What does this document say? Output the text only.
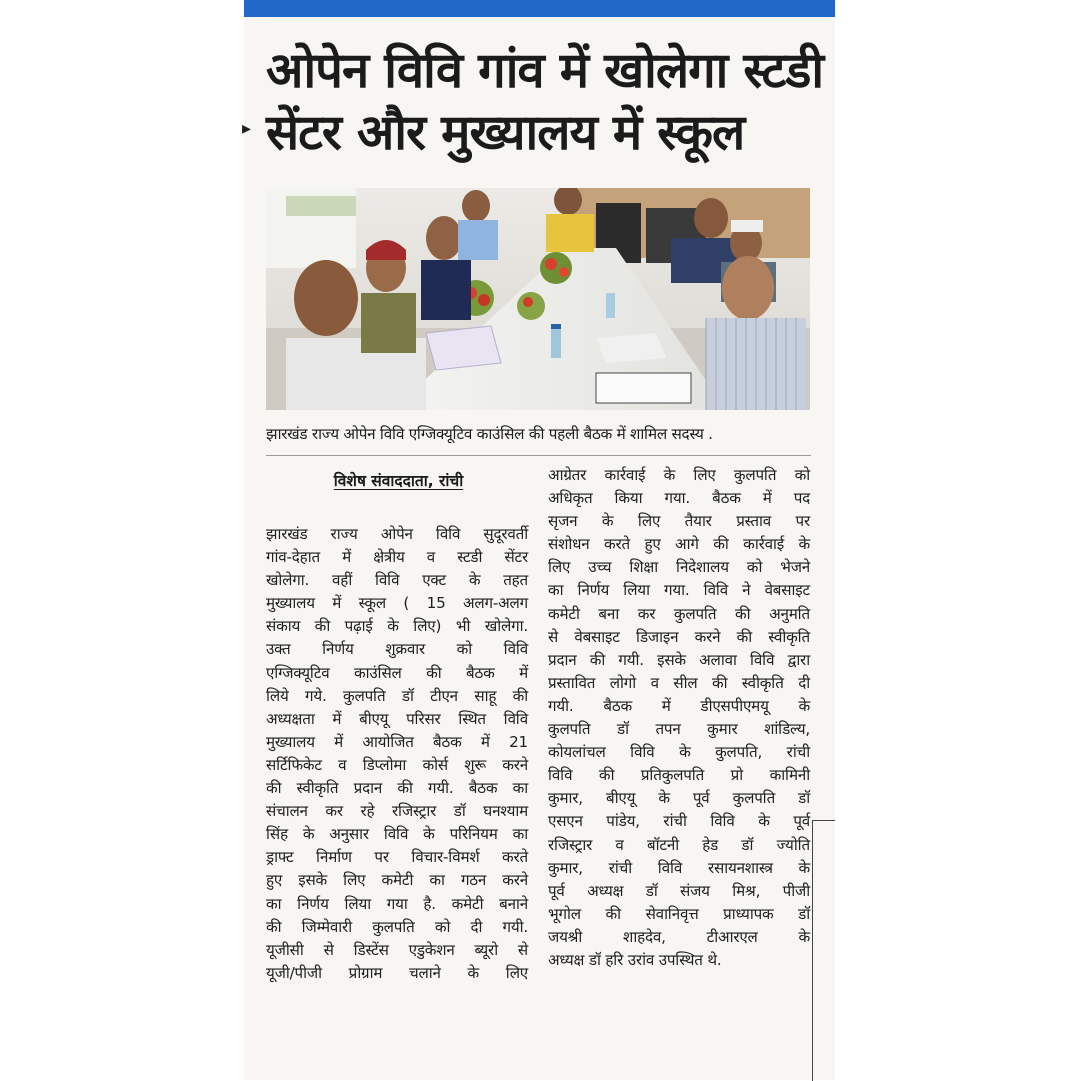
▸
ओपेन विवि गांव में खोलेगा स्टडी
सेंटर और मुख्यालय में स्कूल
झारखंड राज्य ओपेन विवि एग्जिक्यूटिव काउंसिल की पहली बैठक में शामिल सदस्य .
विशेष संवाददाता, रांची
झारखंड राज्य ओपेन विवि सुदूरवर्ती
गांव-देहात में क्षेत्रीय व स्टडी सेंटर
खोलेगा. वहीं विवि एक्ट के तहत
मुख्यालय में स्कूल ( 15 अलग-अलग
संकाय की पढ़ाई के लिए) भी खोलेगा.
उक्त निर्णय शुक्रवार को विवि
एग्जिक्यूटिव काउंसिल की बैठक में
लिये गये. कुलपति डॉ टीएन साहू की
अध्यक्षता में बीएयू परिसर स्थित विवि
मुख्यालय में आयोजित बैठक में 21
सर्टिफिकेट व डिप्लोमा कोर्स शुरू करने
की स्वीकृति प्रदान की गयी. बैठक का
संचालन कर रहे रजिस्ट्रार डॉ घनश्याम
सिंह के अनुसार विवि के परिनियम का
ड्राफ्ट निर्माण पर विचार-विमर्श करते
हुए इसके लिए कमेटी का गठन करने
का निर्णय लिया गया है. कमेटी बनाने
की जिम्मेवारी कुलपति को दी गयी.
यूजीसी से डिस्टेंस एडुकेशन ब्यूरो से
यूजी/पीजी प्रोग्राम चलाने के लिए
आग्रेतर कार्रवाई के लिए कुलपति को
अधिकृत किया गया. बैठक में पद
सृजन के लिए तैयार प्रस्ताव पर
संशोधन करते हुए आगे की कार्रवाई के
लिए उच्च शिक्षा निदेशालय को भेजने
का निर्णय लिया गया. विवि ने वेबसाइट
कमेटी बना कर कुलपति की अनुमति
से वेबसाइट डिजाइन करने की स्वीकृति
प्रदान की गयी. इसके अलावा विवि द्वारा
प्रस्तावित लोगो व सील की स्वीकृति दी
गयी. बैठक में डीएसपीएमयू के
कुलपति डॉ तपन कुमार शांडिल्य,
कोयलांचल विवि के कुलपति, रांची
विवि की प्रतिकुलपति प्रो कामिनी
कुमार, बीएयू के पूर्व कुलपति डॉ
एसएन पांडेय, रांची विवि के पूर्व
रजिस्ट्रार व बॉटनी हेड डॉ ज्योति
कुमार, रांची विवि रसायनशास्त्र के
पूर्व अध्यक्ष डॉ संजय मिश्र, पीजी
भूगोल की सेवानिवृत्त प्राध्यापक डॉ
जयश्री शाहदेव, टीआरएल के
अध्यक्ष डॉ हरि उरांव उपस्थित थे.
